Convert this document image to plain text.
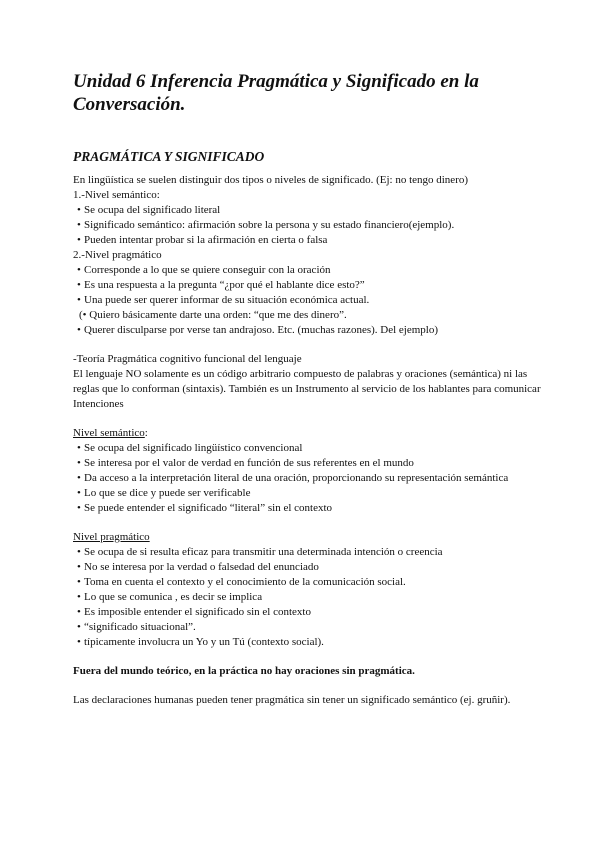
Unidad 6 Inferencia Pragmática y Significado en la Conversación.
PRAGMÁTICA Y SIGNIFICADO

En lingüística se suelen distinguir dos tipos o niveles de significado. (Ej: no tengo dinero)

1.-Nivel semántico:

• Se ocupa del significado literal
• Significado semántico: afirmación sobre la persona y su estado financiero(ejemplo).
• Pueden intentar probar si la afirmación en cierta o falsa

2.-Nivel pragmático

• Corresponde a lo que se quiere conseguir con la oración
• Es una respuesta a la pregunta “¿por qué el hablante dice esto?”
• Una puede ser querer informar de su situación económica actual.
(• Quiero básicamente darte una orden: “que me des dinero”.
• Querer disculparse por verse tan andrajoso. Etc. (muchas razones). Del ejemplo)

-Teoría Pragmática cognitivo funcional del lenguaje

El lenguaje NO solamente es un código arbitrario compuesto de palabras y oraciones (semántica) ni las reglas que lo conforman (sintaxis). También es un Instrumento al servicio de los hablantes para comunicar Intenciones

Nivel semántico:

• Se ocupa del significado lingüístico convencional
• Se interesa por el valor de verdad en función de sus referentes en el mundo
• Da acceso a la interpretación literal de una oración, proporcionando su representación semántica
• Lo que se dice y puede ser verificable
• Se puede entender el significado “literal” sin el contexto

Nivel pragmático

• Se ocupa de si resulta eficaz para transmitir una determinada intención o creencia
• No se interesa por la verdad o falsedad del enunciado
• Toma en cuenta el contexto y el conocimiento de la comunicación social.
• Lo que se comunica , es decir se implica
• Es imposible entender el significado sin el contexto
• “significado situacional”.
• típicamente involucra un Yo y un Tú (contexto social).

Fuera del mundo teórico, en la práctica no hay oraciones sin pragmática.

Las declaraciones humanas pueden tener pragmática sin tener un significado semántico (ej. gruñir).
